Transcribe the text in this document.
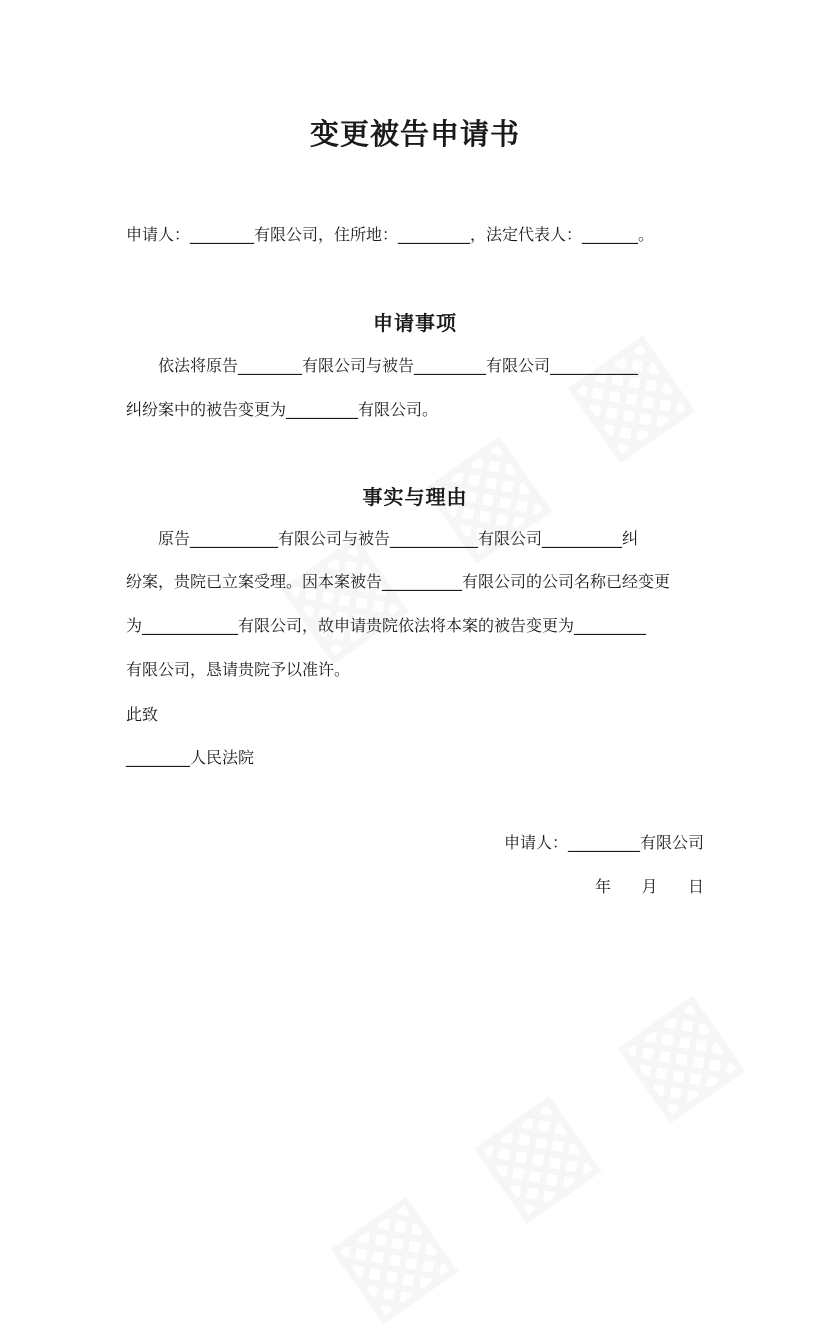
变更被告申请书
申请人：________有限公司，住所地：_________，法定代表人：_______。
申请事项
依法将原告________有限公司与被告_________有限公司___________
纠纷案中的被告变更为_________有限公司。
事实与理由
原告___________有限公司与被告___________有限公司__________纠
纷案，贵院已立案受理。因本案被告__________有限公司的公司名称已经变更
为____________有限公司，故申请贵院依法将本案的被告变更为_________
有限公司，恳请贵院予以准许。
此致
________人民法院
申请人：_________有限公司
年      月      日
